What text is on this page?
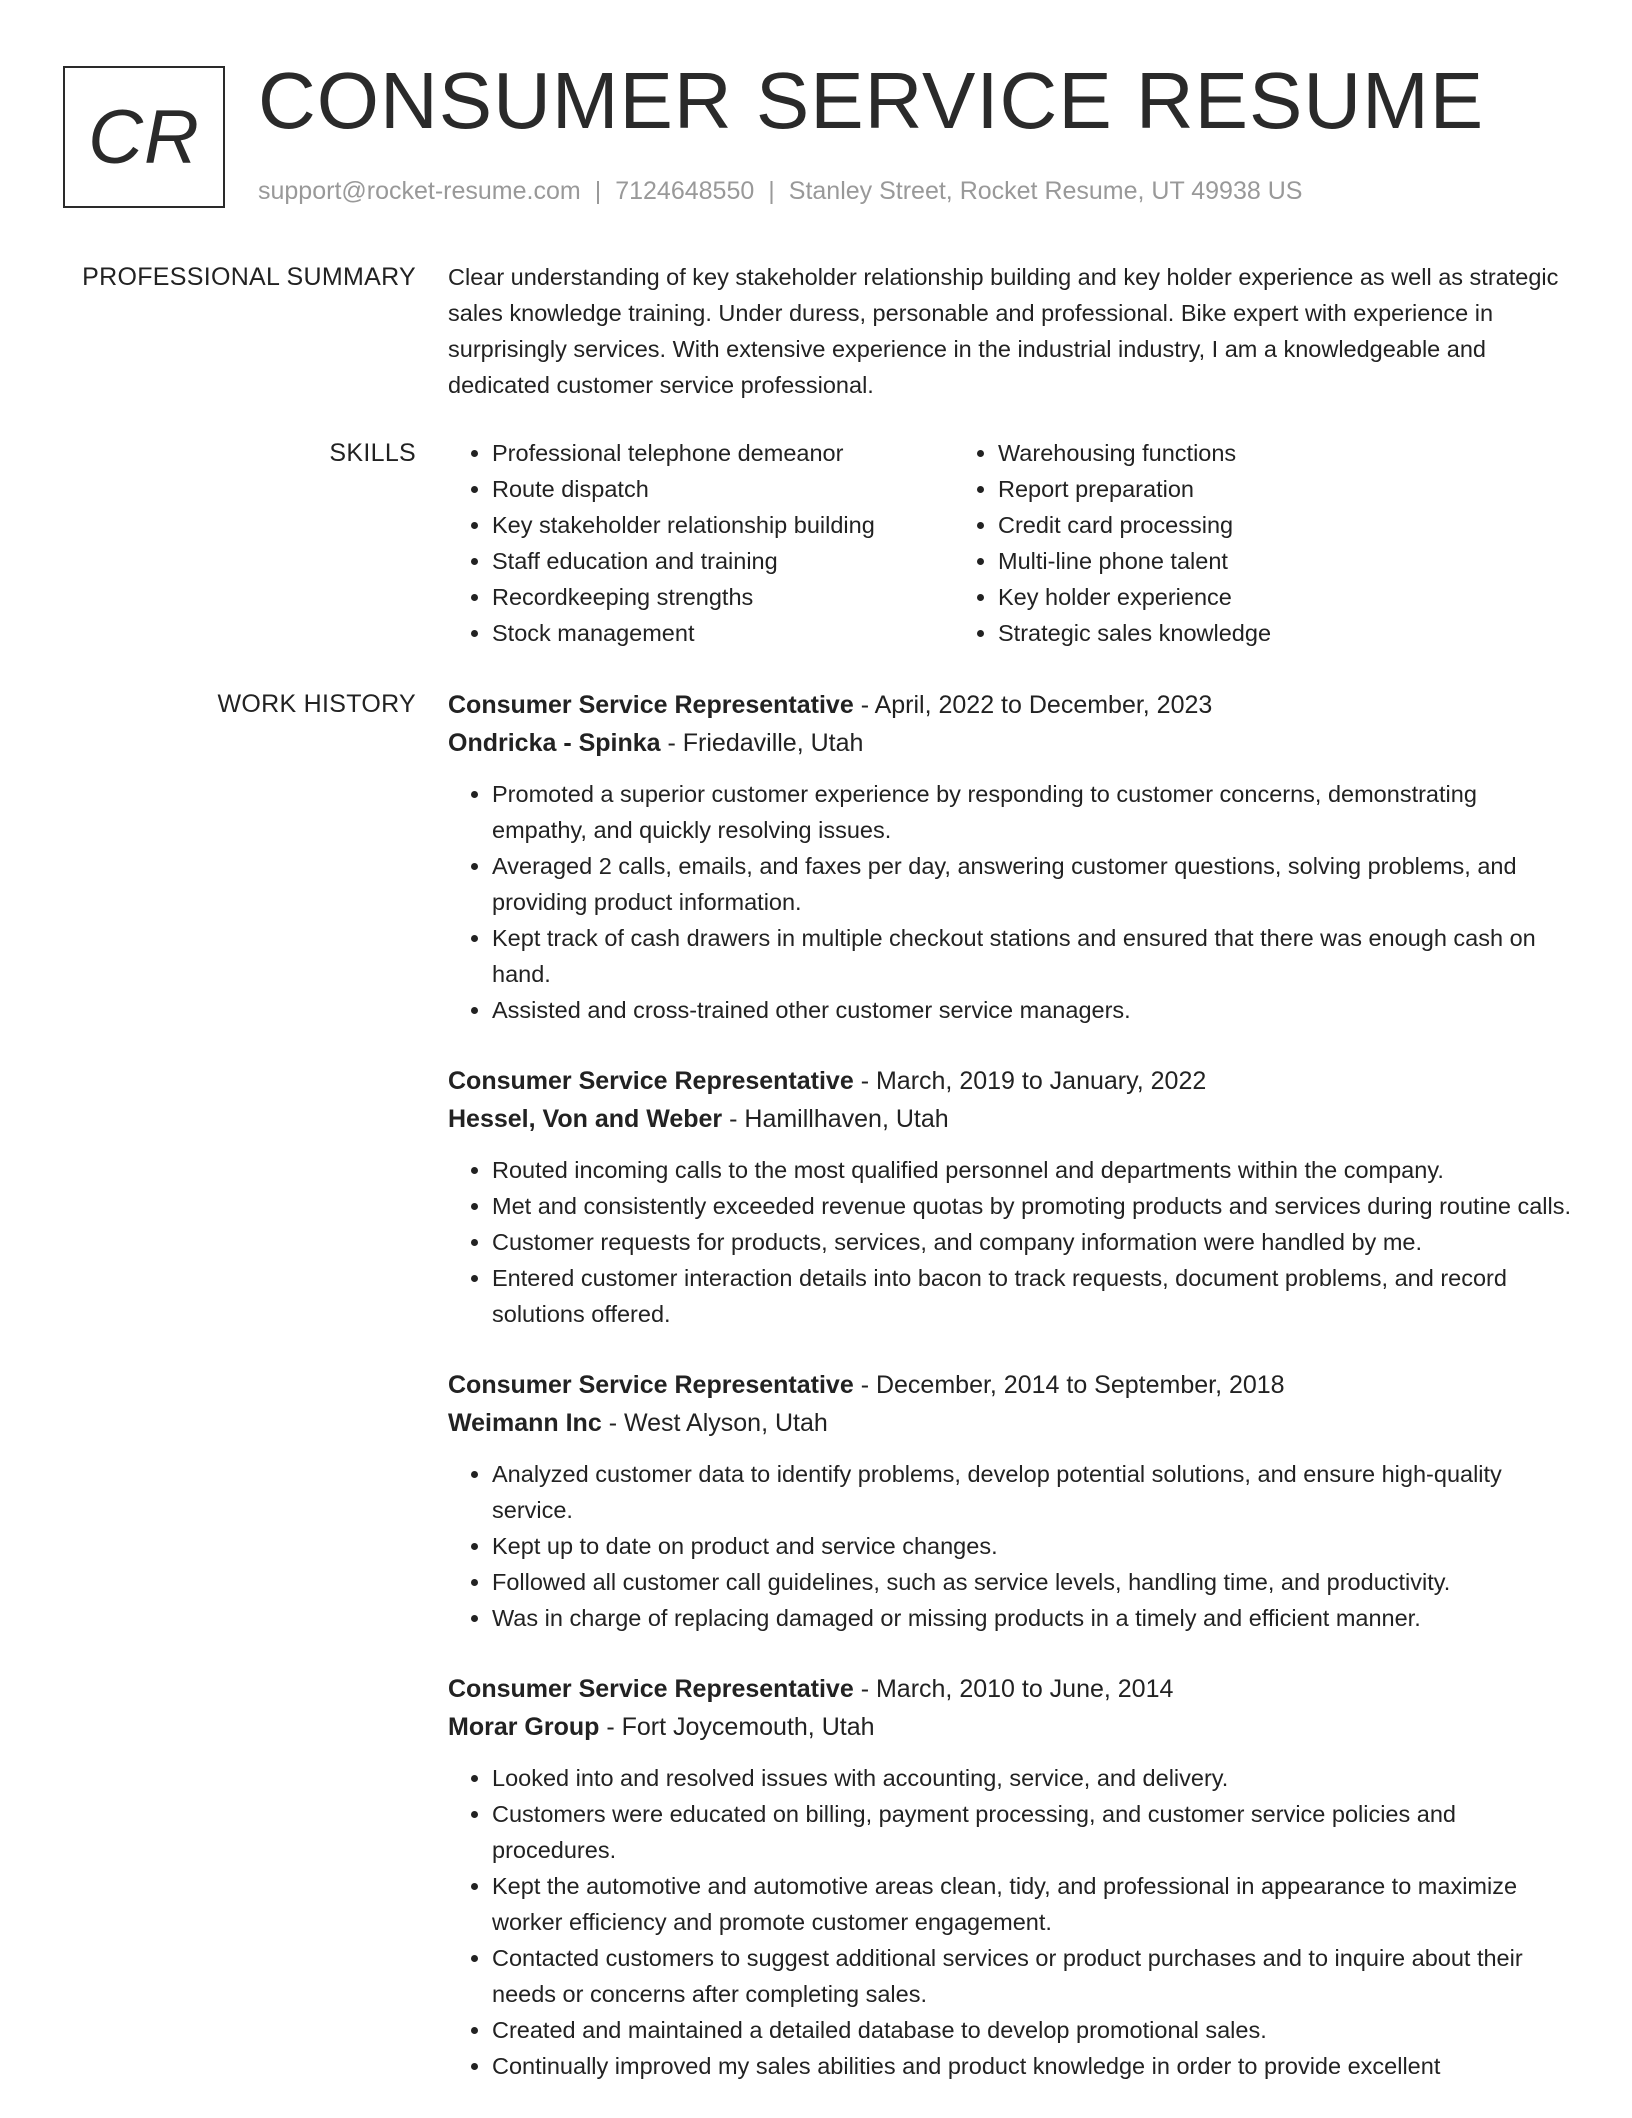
CR CONSUMER SERVICE RESUME
support@rocket-resume.com | 7124648550 | Stanley Street, Rocket Resume, UT 49938 US
PROFESSIONAL SUMMARY Clear understanding of key stakeholder relationship building and key holder experience as well as strategic sales knowledge training. Under duress, personable and professional. Bike expert with experience in surprisingly services. With extensive experience in the industrial industry, I am a knowledgeable and dedicated customer service professional.

SKILLS
•	Professional telephone demeanor
• Route dispatch
• Key stakeholder relationship building
• Staff education and training
• Recordkeeping strengths
• Stock management
• Warehousing functions
• Report preparation
• Credit card processing
• Multi-line phone talent
• Key holder experience
• Strategic sales knowledge
WORK HISTORY Consumer Service Representative - April, 2022 to December, 2023
Ondricka - Spinka - Friedaville, Utah
• Promoted a superior customer experience by responding to customer concerns, demonstrating empathy, and quickly resolving issues.
• Averaged 2 calls, emails, and faxes per day, answering customer questions, solving problems, and providing product information.
• Kept track of cash drawers in multiple checkout stations and ensured that there was enough cash on hand.
• Assisted and cross-trained other customer service managers.
Consumer Service Representative - March, 2019 to January, 2022
Hessel, Von and Weber - Hamillhaven, Utah
• Routed incoming calls to the most qualified personnel and departments within the company.
• Met and consistently exceeded revenue quotas by promoting products and services during routine calls.
• Customer requests for products, services, and company information were handled by me.
• Entered customer interaction details into bacon to track requests, document problems, and record solutions offered.
Consumer Service Representative - December, 2014 to September, 2018
Weimann Inc - West Alyson, Utah
• Analyzed customer data to identify problems, develop potential solutions, and ensure high-quality service.
• Kept up to date on product and service changes.
• Followed all customer call guidelines, such as service levels, handling time, and productivity.
• Was in charge of replacing damaged or missing products in a timely and efficient manner.
Consumer Service Representative - March, 2010 to June, 2014
Morar Group - Fort Joycemouth, Utah
• Looked into and resolved issues with accounting, service, and delivery.
• Customers were educated on billing, payment processing, and customer service policies and procedures.
• Kept the automotive and automotive areas clean, tidy, and professional in appearance to maximize worker efficiency and promote customer engagement.
• Contacted customers to suggest additional services or product purchases and to inquire about their needs or concerns after completing sales.
• Created and maintained a detailed database to develop promotional sales.
• Continually improved my sales abilities and product knowledge in order to provide excellent
